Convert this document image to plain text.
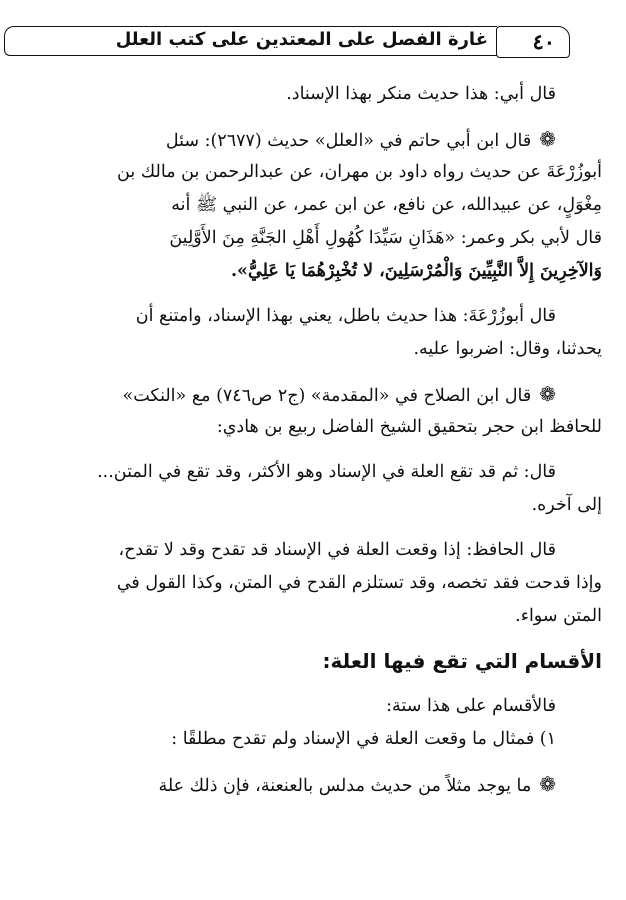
٤٠
غارة الفصل على المعتدين على كتب العلل
قال أبي: هذا حديث منكر بهذا الإسناد.
❁قال ابن أبي حاتم في «العلل» حديث (٢٦٧٧): سئل
أبوزُرْعَةَ عن حديث رواه داود بن مهران، عن عبدالرحمن بن مالك بن
مِغْوَلٍ، عن عبيدالله، عن نافع، عن ابن عمر، عن النبي ﷺ أنه
قال لأبي بكر وعمر: «هَذَانِ سَيِّدَا كُهُولِ أَهْلِ الجَنَّةِ مِنَ الأَوَّلِينَ
وَالآخِرِينَ إِلاَّ النَّبِيِّينَ وَالْمُرْسَلِينَ، لا تُخْبِرْهُمَا يَا عَلِيُّ».
قال أبوزُرْعَةَ: هذا حديث باطل، يعني بهذا الإسناد، وامتنع أن
يحدثنا، وقال: اضربوا عليه.
❁قال ابن الصلاح في «المقدمة» (ج٢ ص٧٤٦) مع «النكت»
للحافظ ابن حجر بتحقيق الشيخ الفاضل ربيع بن هادي:
قال: ثم قد تقع العلة في الإسناد وهو الأكثر، وقد تقع في المتن...
إلى آخره.
قال الحافظ: إذا وقعت العلة في الإسناد قد تقدح وقد لا تقدح،
وإذا قدحت فقد تخصه، وقد تستلزم القدح في المتن، وكذا القول في
المتن سواء.
الأقسام التي تقع فيها العلة:
فالأقسام على هذا ستة:
١) فمثال ما وقعت العلة في الإسناد ولم تقدح مطلقًا :
❁ما يوجد مثلاً من حديث مدلس بالعنعنة، فإن ذلك علة
